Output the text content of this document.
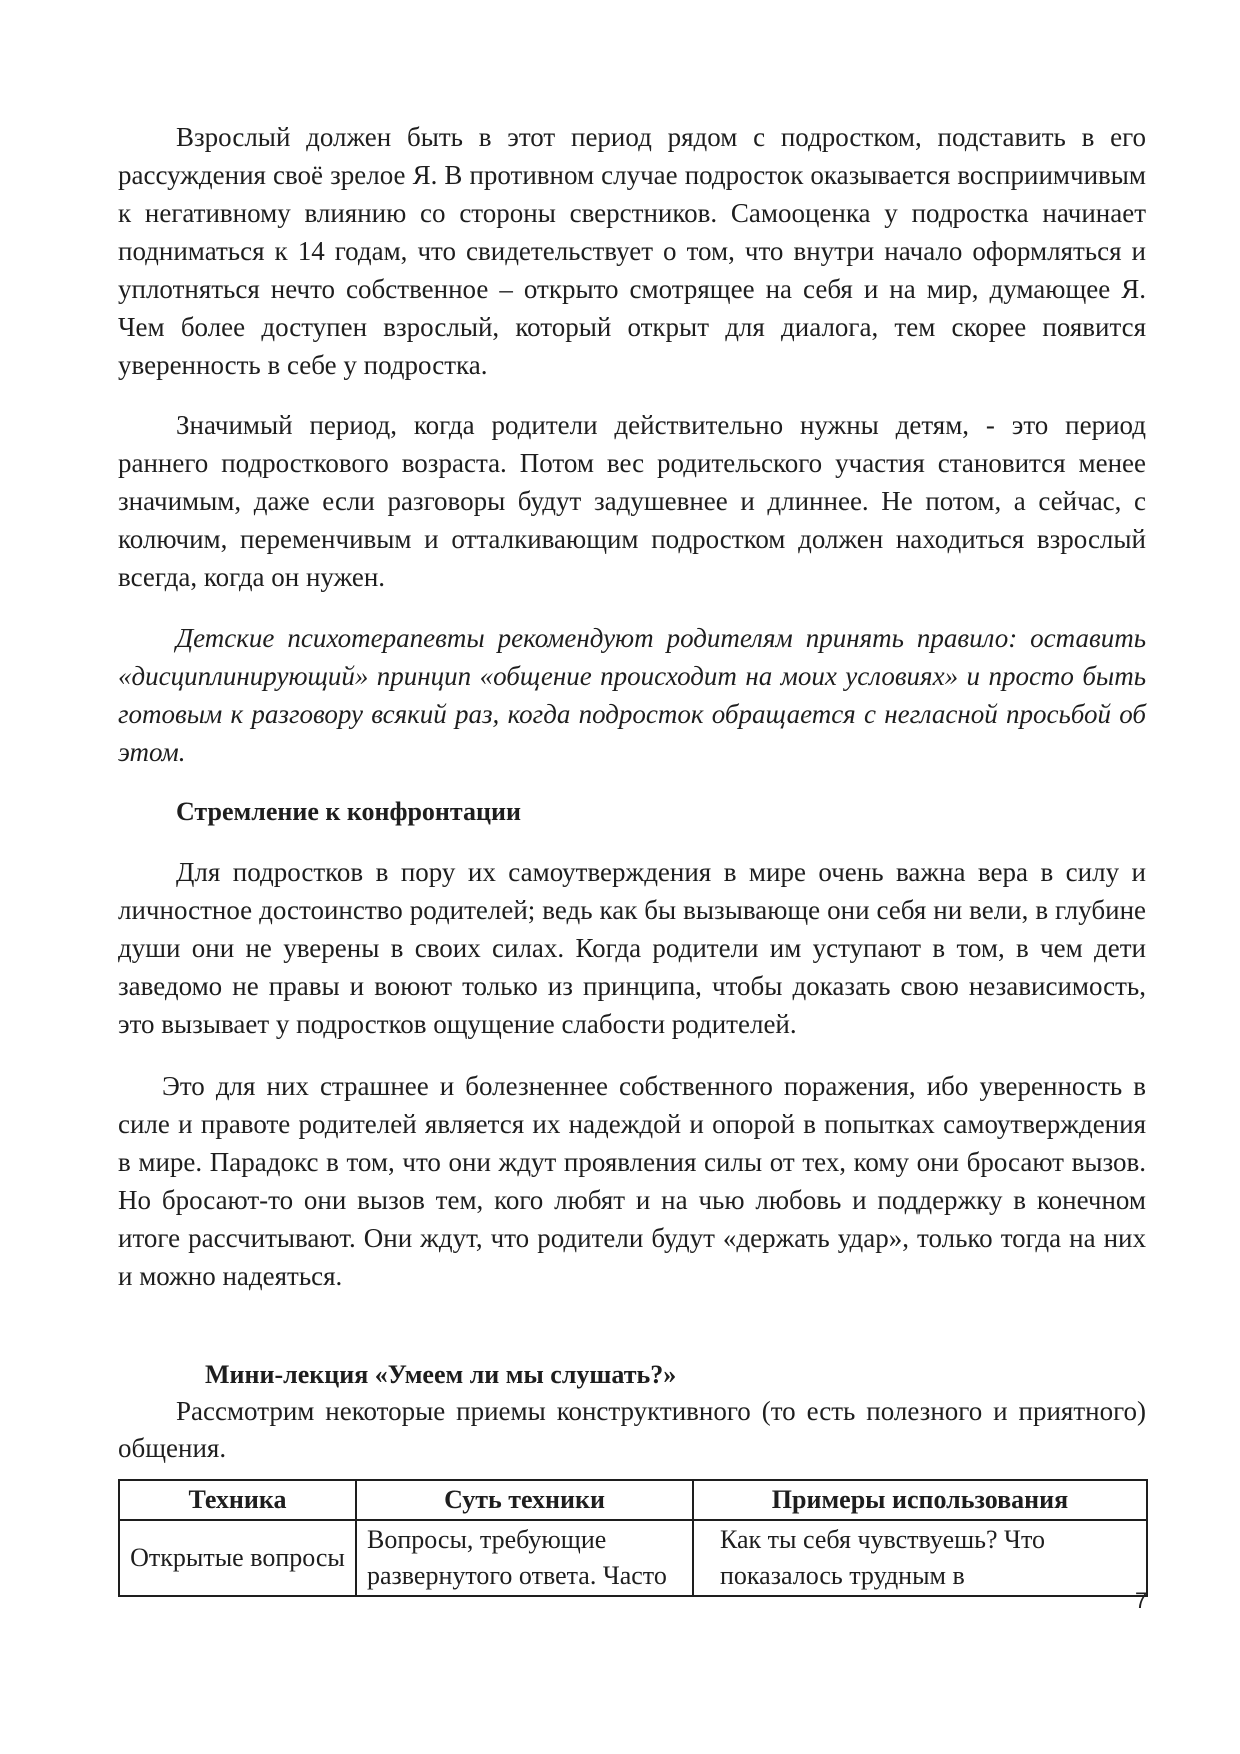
Взрослый должен быть в этот период рядом с подростком, подставить в его рассуждения своё зрелое Я. В противном случае подросток оказывается восприимчивым к негативному влиянию со стороны сверстников. Самооценка у подростка начинает подниматься к 14 годам, что свидетельствует о том, что внутри начало оформляться и уплотняться нечто собственное – открыто смотрящее на себя и на мир, думающее Я. Чем более доступен взрослый, который открыт для диалога, тем скорее появится уверенность в себе у подростка.

Значимый период, когда родители действительно нужны детям, - это период раннего подросткового возраста. Потом вес родительского участия становится менее значимым, даже если разговоры будут задушевнее и длиннее. Не потом, а сейчас, с колючим, переменчивым и отталкивающим подростком должен находиться взрослый всегда, когда он нужен.

Детские психотерапевты рекомендуют родителям принять правило: оставить «дисциплинирующий» принцип «общение происходит на моих условиях» и просто быть готовым к разговору всякий раз, когда подросток обращается с негласной просьбой об этом.

Стремление к конфронтации

Для подростков в пору их самоутверждения в мире очень важна вера в силу и личностное достоинство родителей; ведь как бы вызывающе они себя ни вели, в глубине души они не уверены в своих силах. Когда родители им уступают в том, в чем дети заведомо не правы и воюют только из принципа, чтобы доказать свою независимость, это вызывает у подростков ощущение слабости родителей.

Это для них страшнее и болезненнее собственного поражения, ибо уверенность в силе и правоте родителей является их надеждой и опорой в попытках самоутверждения в мире. Парадокс в том, что они ждут проявления силы от тех, кому они бросают вызов. Но бросают-то они вызов тем, кого любят и на чью любовь и поддержку в конечном итоге рассчитывают. Они ждут, что родители будут «держать удар», только тогда на них и можно надеяться.

Мини-лекция «Умеем ли мы слушать?»

Рассмотрим некоторые приемы конструктивного (то есть полезного и приятного) общения.

Техника	Суть техники	Примеры использования
Открытые вопросы	Вопросы, требующие развернутого ответа. Часто	Как ты себя чувствуешь? Что показалось трудным в
7
